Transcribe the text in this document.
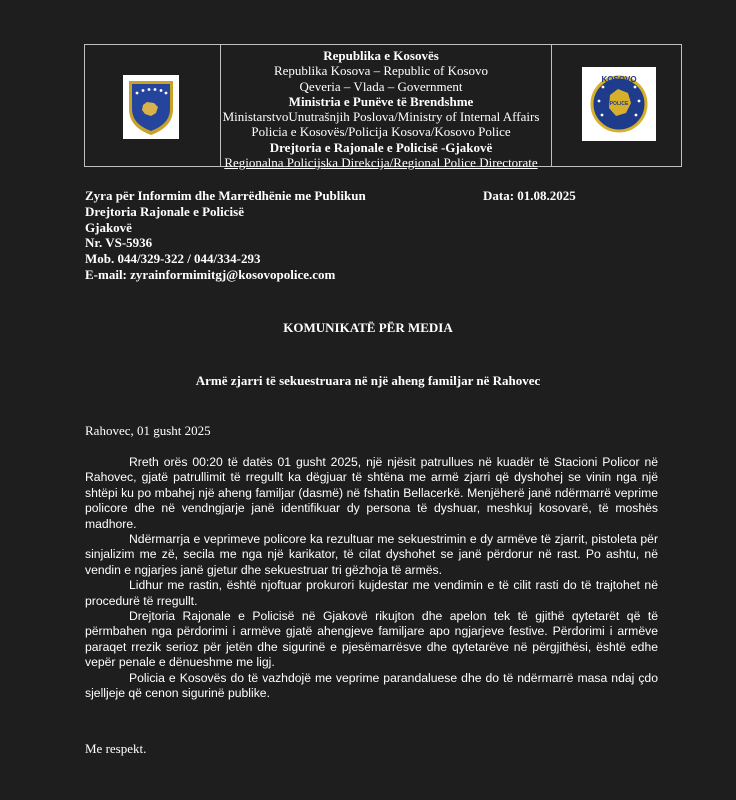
Republika e Kosovës
Republika Kosova – Republic of Kosovo
Qeveria – Vlada – Government
Ministria e Punëve të Brendshme
MinistarstvoUnutrašnjih Poslova/Ministry of Internal Affairs
Policia e Kosovës/Policija Kosova/Kosovo Police
Drejtoria e Rajonale e Policisë -Gjakovë
Regionalna Policijska Direkcija/Regional Police Directorate
KOSOVO
POLICE
Zyra për Informim dhe Marrëdhënie me Publikun
Drejtoria Rajonale e Policisë
Gjakovë
Nr. VS-5936
Mob. 044/329-322 / 044/334-293
E-mail: zyrainformimitgj@kosovopolice.com
Data: 01.08.2025
KOMUNIKATË PËR MEDIA
Armë zjarri të sekuestruara në një aheng familjar në Rahovec
Rahovec, 01 gusht 2025

Rreth orës 00:20 të datës 01 gusht 2025, një njësit patrullues në kuadër të Stacioni Policor në Rahovec, gjatë patrullimit të rregullt ka dëgjuar të shtëna me armë zjarri që dyshohej se vinin nga një shtëpi ku po mbahej një aheng familjar (dasmë) në fshatin Bellacerkë. Menjëherë janë ndërmarrë veprime policore dhe në vendngjarje janë identifikuar dy persona të dyshuar, meshkuj kosovarë, të moshës madhore.

Ndërmarrja e veprimeve policore ka rezultuar me sekuestrimin e dy armëve të zjarrit, pistoleta për sinjalizim me zë, secila me nga një karikator, të cilat dyshohet se janë përdorur në rast. Po ashtu, në vendin e ngjarjes janë gjetur dhe sekuestruar tri gëzhoja të armës.

Lidhur me rastin, është njoftuar prokurori kujdestar me vendimin e të cilit rasti do të trajtohet në procedurë të rregullt.

Drejtoria Rajonale e Policisë në Gjakovë rikujton dhe apelon tek të gjithë qytetarët që të përmbahen nga përdorimi i armëve gjatë ahengjeve familjare apo ngjarjeve festive. Përdorimi i armëve paraqet rrezik serioz për jetën dhe sigurinë e pjesëmarrësve dhe qytetarëve në përgjithësi, është edhe vepër penale e dënueshme me ligj.

Policia e Kosovës do të vazhdojë me veprime parandaluese dhe do të ndërmarrë masa ndaj çdo sjelljeje që cenon sigurinë publike.

Me respekt.
